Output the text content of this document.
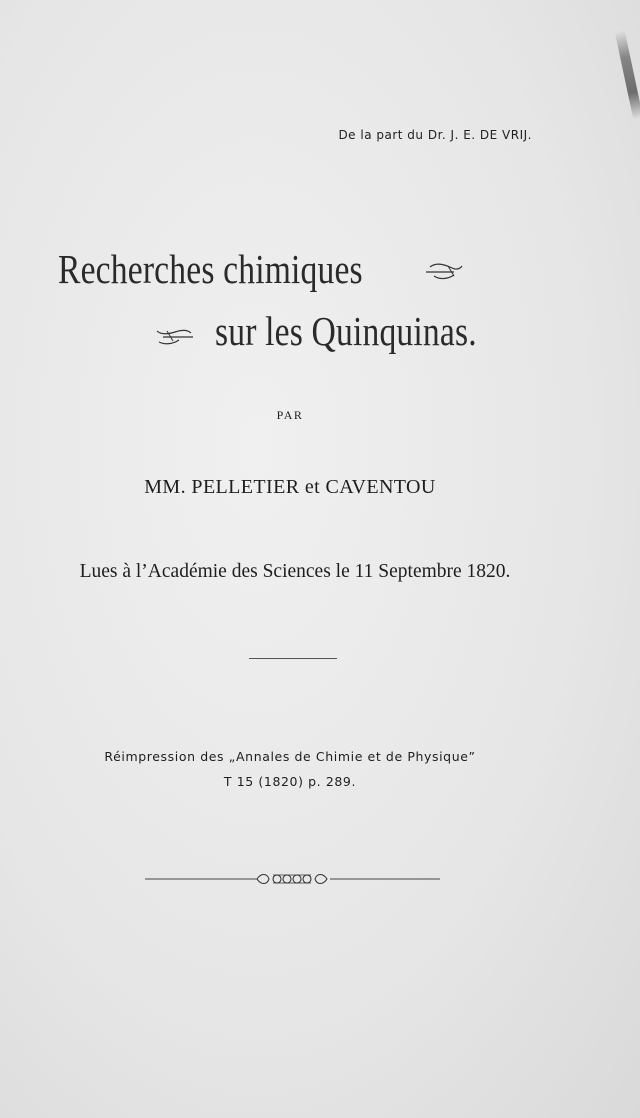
De la part du Dr. J. E. DE VRIJ.
Recherches chimiques
sur les Quinquinas.
PAR
MM. PELLETIER et CAVENTOU
Lues à l’Académie des Sciences le 11 Septembre 1820.
Réimpression des „Annales de Chimie et de Physique”
T 15 (1820) p. 289.
